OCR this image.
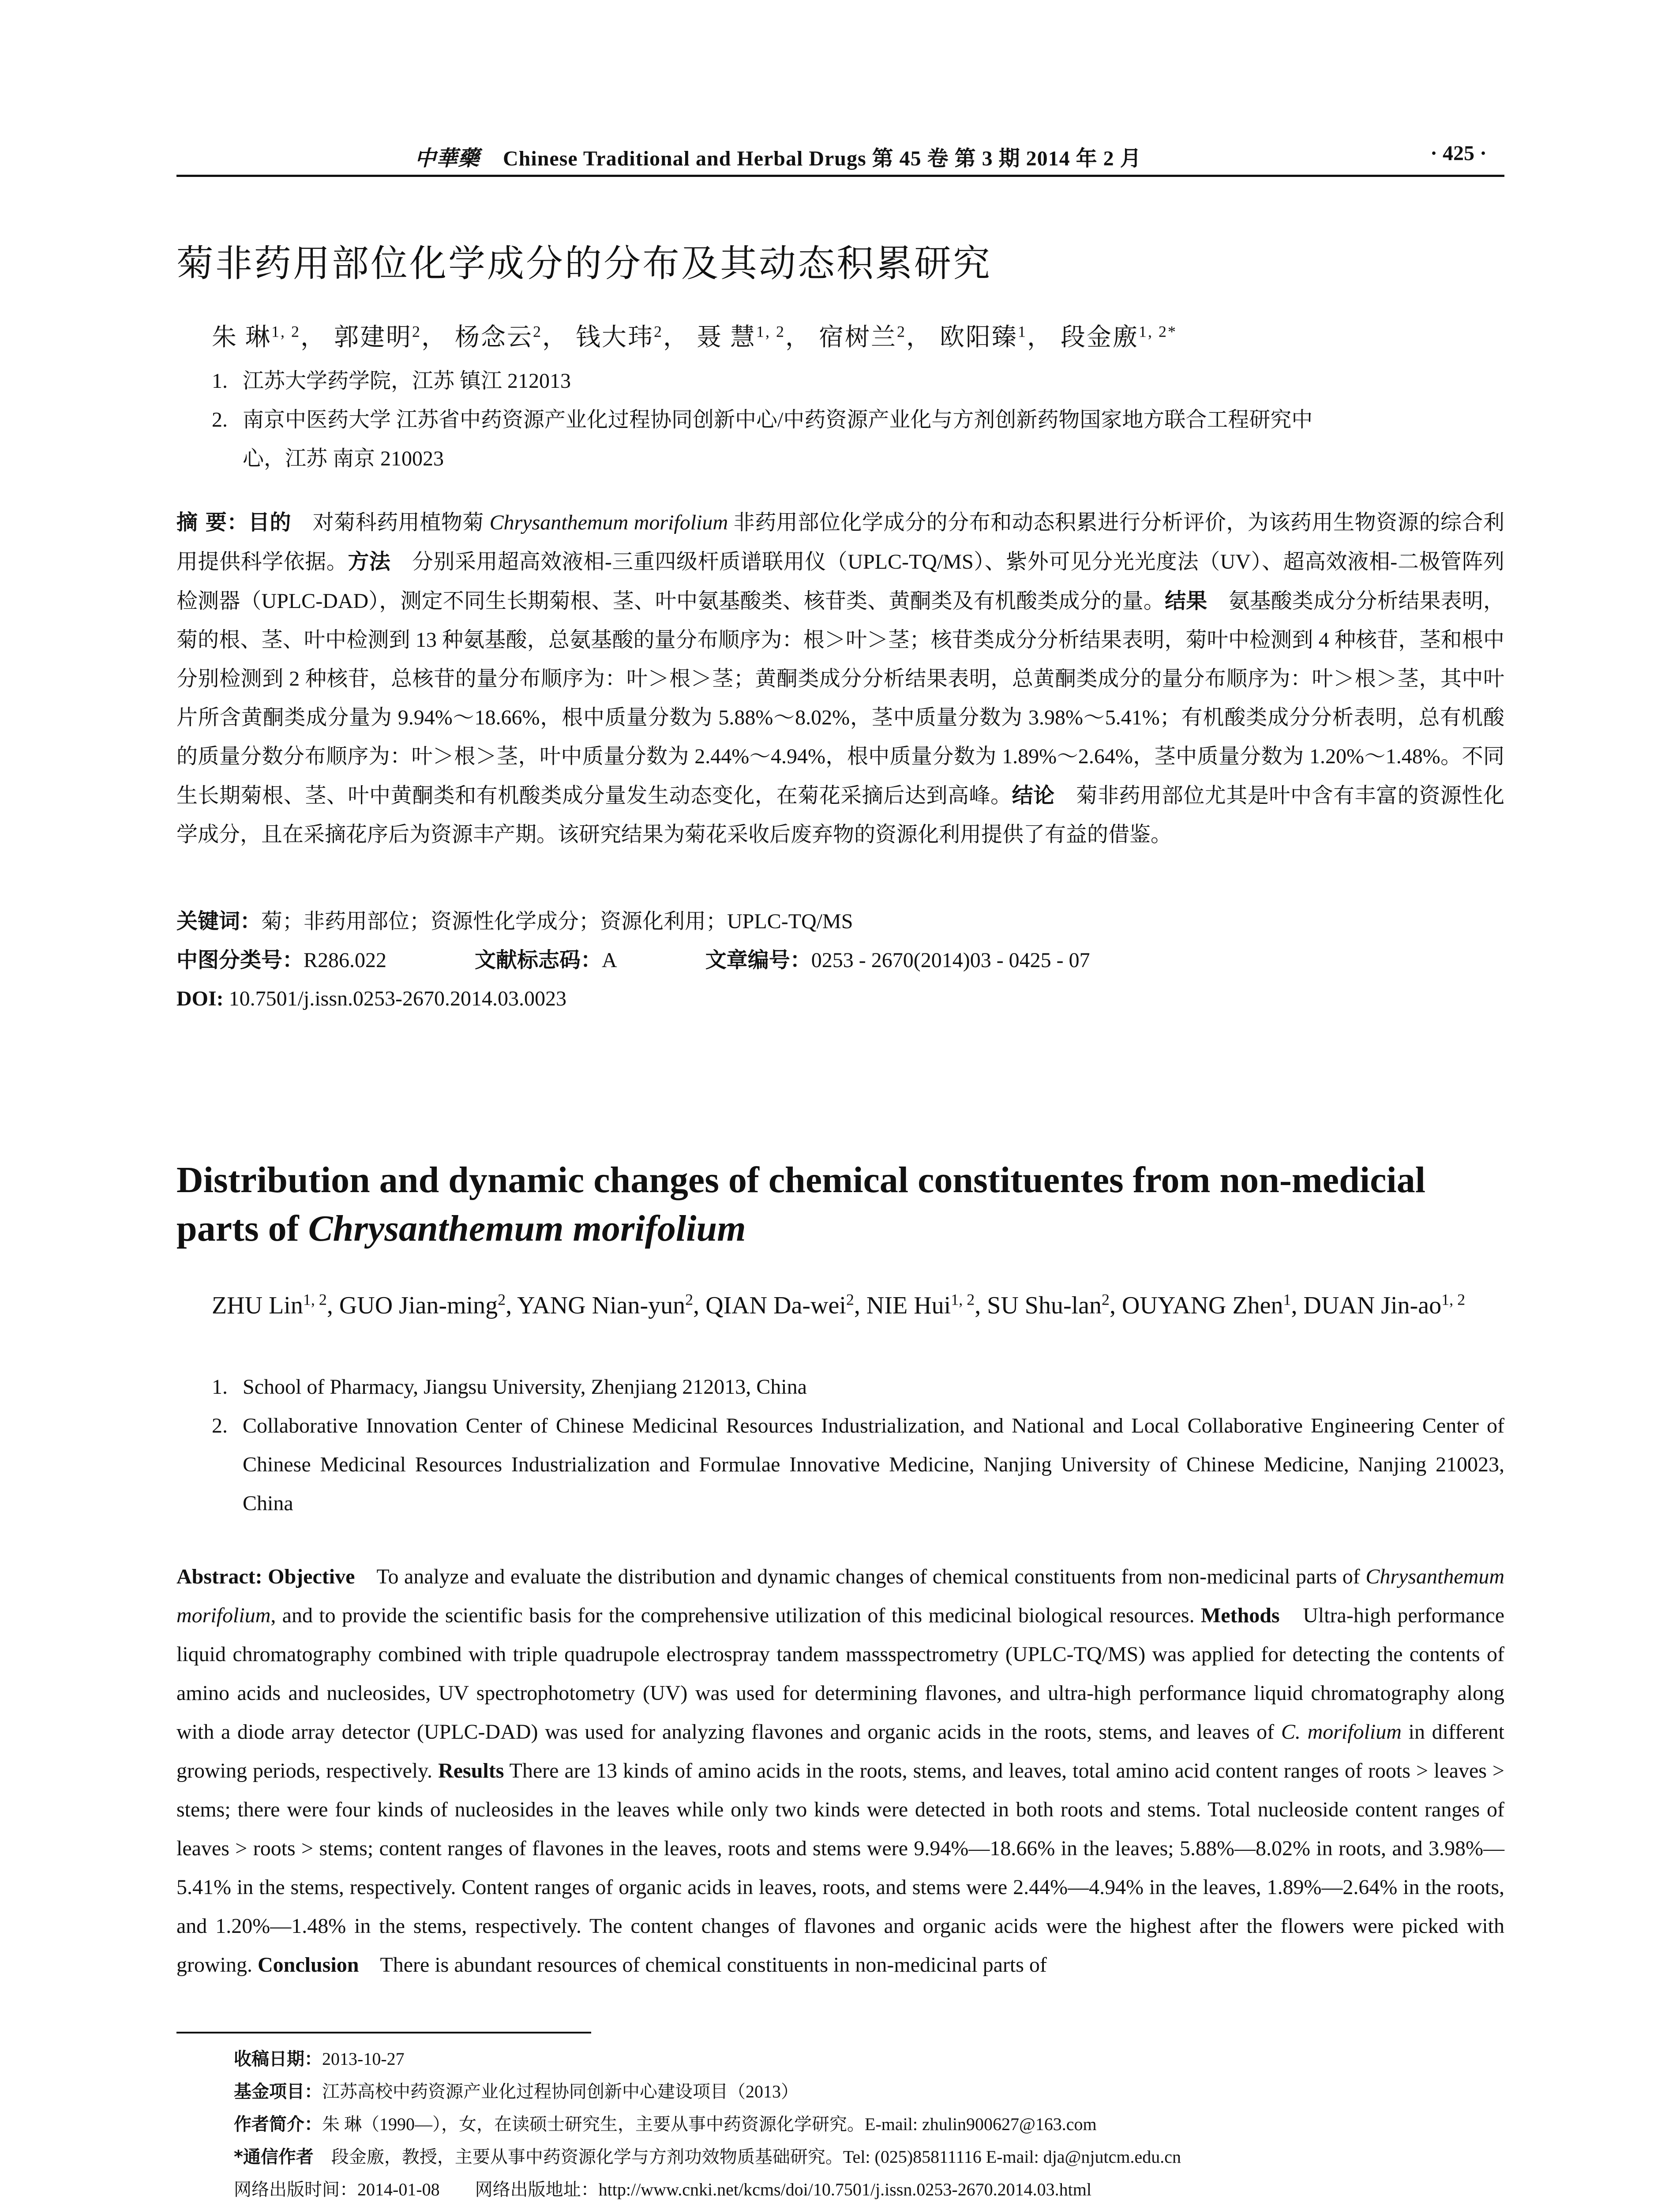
中華藥 Chinese Traditional and Herbal Drugs 第 45 卷 第 3 期 2014 年 2 月	· 425 ·
菊非药用部位化学成分的分布及其动态积累研究
朱 琳$^{1, 2}$， 郭建明$^2$， 杨念云$^2$， 钱大玮$^2$， 聂 慧$^{1, 2}$， 宿树兰$^2$， 欧阳臻$^1$， 段金廒$^{1, 2*}$
1. 江苏大学药学院，江苏 镇江 212013
2. 南京中医药大学 江苏省中药资源产业化过程协同创新中心/中药资源产业化与方剂创新药物国家地方联合工程研究中
心，江苏 南京 210023
摘 要：目的　 对菊科药用植物菊 Chrysanthemum morifolium 非药用部位化学成分的分布和动态积累进行分析评价，为该药用生物资源的综合利用提供科学依据。方法　 分别采用超高效液相-三重四级杆质谱联用仪（UPLC-TQ/MS）、紫外可见分光光度法（UV）、超高效液相-二极管阵列检测器（UPLC-DAD），测定不同生长期菊根、茎、叶中氨基酸类、核苷类、黄酮类及有机酸类成分的量。结果　 氨基酸类成分分析结果表明，菊的根、茎、叶中检测到 13 种氨基酸，总氨基酸的量分布顺序为：根＞叶＞茎；核苷类成分分析结果表明，菊叶中检测到 4 种核苷，茎和根中分别检测到 2 种核苷，总核苷的量分布顺序为：叶＞根＞茎；黄酮类成分分析结果表明，总黄酮类成分的量分布顺序为：叶＞根＞茎，其中叶片所含黄酮类成分量为 9.94%～18.66%，根中质量分数为 5.88%～8.02%，茎中质量分数为 3.98%～5.41%；有机酸类成分分析表明，总有机酸的质量分数分布顺序为：叶＞根＞茎，叶中质量分数为 2.44%～4.94%，根中质量分数为 1.89%～2.64%，茎中质量分数为 1.20%～1.48%。不同生长期菊根、茎、叶中黄酮类和有机酸类成分量发生动态变化，在菊花采摘后达到高峰。结论　 菊非药用部位尤其是叶中含有丰富的资源性化学成分，且在采摘花序后为资源丰产期。该研究结果为菊花采收后废弃物的资源化利用提供了有益的借鉴。
关键词：菊；非药用部位；资源性化学成分；资源化利用；UPLC-TQ/MS
中图分类号：R286.022	文献标志码：A	文章编号：0253 - 2670(2014)03 - 0425 - 07
DOI: 10.7501/j.issn.0253-2670.2014.03.0023
Distribution and dynamic changes of chemical constituentes from non-medicial
parts of Chrysanthemum morifolium
ZHU Lin$^{1, 2}$, GUO Jian-ming$^2$, YANG Nian-yun$^2$, QIAN Da-wei$^2$, NIE Hui$^{1, 2}$, SU Shu-lan$^2$, OUYANG Zhen$^1$, DUAN Jin-ao$^{1, 2}$
1. School of Pharmacy, Jiangsu University, Zhenjiang 212013, China
2. Collaborative Innovation Center of Chinese Medicinal Resources Industrialization, and National and Local Collaborative Engineering Center of Chinese Medicinal Resources Industrialization and Formulae Innovative Medicine, Nanjing University of Chinese Medicine, Nanjing 210023, China
Abstract: Objective　 To analyze and evaluate the distribution and dynamic changes of chemical constituents from non-medicinal parts of Chrysanthemum morifolium, and to provide the scientific basis for the comprehensive utilization of this medicinal biological resources. Methods　 Ultra-high performance liquid chromatography combined with triple quadrupole electrospray tandem massspectrometry (UPLC-TQ/MS) was applied for detecting the contents of amino acids and nucleosides, UV spectrophotometry (UV) was used for determining flavones, and ultra-high performance liquid chromatography along with a diode array detector (UPLC-DAD) was used for analyzing flavones and organic acids in the roots, stems, and leaves of C. morifolium in different growing periods, respectively. Results There are 13 kinds of amino acids in the roots, stems, and leaves, total amino acid content ranges of roots > leaves > stems; there were four kinds of nucleosides in the leaves while only two kinds were detected in both roots and stems. Total nucleoside content ranges of leaves > roots > stems; content ranges of flavones in the leaves, roots and stems were 9.94%—18.66% in the leaves; 5.88%—8.02% in roots, and 3.98%—5.41% in the stems, respectively. Content ranges of organic acids in leaves, roots, and stems were 2.44%—4.94% in the leaves, 1.89%—2.64% in the roots, and 1.20%—1.48% in the stems, respectively. The content changes of flavones and organic acids were the highest after the flowers were picked with growing. Conclusion　 There is abundant resources of chemical constituents in non-medicinal parts of
收稿日期：2013-10-27
基金项目：江苏高校中药资源产业化过程协同创新中心建设项目（2013）
作者简介：朱 琳（1990—），女，在读硕士研究生，主要从事中药资源化学研究。E-mail: zhulin900627@163.com
*通信作者　 段金廒，教授，主要从事中药资源化学与方剂功效物质基础研究。Tel: (025)85811116 E-mail: dja@njutcm.edu.cn
网络出版时间：2014-01-08　　 网络出版地址：http://www.cnki.net/kcms/doi/10.7501/j.issn.0253-2670.2014.03.html
